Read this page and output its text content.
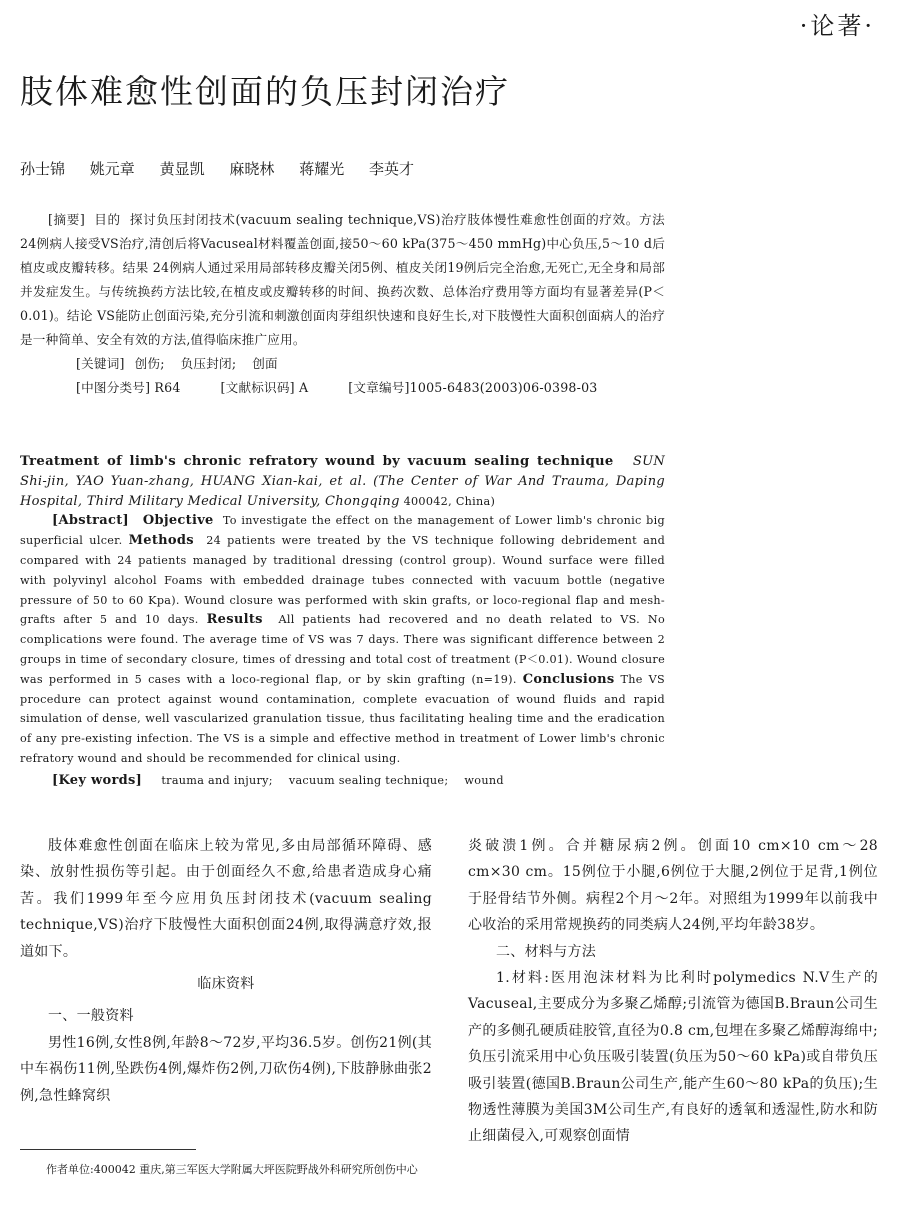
·论著·
肢体难愈性创面的负压封闭治疗
孙士锦 姚元章 黄显凯 麻晓林 蒋耀光 李英才

[摘要] 目的 探讨负压封闭技术(vacuum sealing technique,VS)治疗肢体慢性难愈性创面的疗效。方法 24例病人接受VS治疗,清创后将Vacuseal材料覆盖创面,接50～60 kPa(375～450 mmHg)中心负压,5～10 d后植皮或皮瓣转移。结果 24例病人通过采用局部转移皮瓣关闭5例、植皮关闭19例后完全治愈,无死亡,无全身和局部并发症发生。与传统换药方法比较,在植皮或皮瓣转移的时间、换药次数、总体治疗费用等方面均有显著差异(P＜0.01)。结论 VS能防止创面污染,充分引流和刺激创面肉芽组织快速和良好生长,对下肢慢性大面积创面病人的治疗是一种简单、安全有效的方法,值得临床推广应用。

[关键词] 创伤; 负压封闭; 创面

[中图分类号] R64	[文献标识码] A	[文章编号]1005-6483(2003)06-0398-03

Treatment of limb's chronic refratory wound by vacuum sealing technique SUN Shi-jin, YAO Yuan-zhang, HUANG Xian-kai, et al. (The Center of War And Trauma, Daping Hospital, Third Military Medical University, Chongqing 400042, China)

[Abstract] Objective To investigate the effect on the management of Lower limb's chronic big superficial ulcer. Methods 24 patients were treated by the VS technique following debridement and compared with 24 patients managed by traditional dressing (control group). Wound surface were filled with polyvinyl alcohol Foams with embedded drainage tubes connected with vacuum bottle (negative pressure of 50 to 60 Kpa). Wound closure was performed with skin grafts, or loco-regional flap and mesh-grafts after 5 and 10 days. Results All patients had recovered and no death related to VS. No complications were found. The average time of VS was 7 days. There was significant difference between 2 groups in time of secondary closure, times of dressing and total cost of treatment (P＜0.01). Wound closure was performed in 5 cases with a loco-regional flap, or by skin grafting (n=19). Conclusions The VS procedure can protect against wound contamination, complete evacuation of wound fluids and rapid simulation of dense, well vascularized granulation tissue, thus facilitating healing time and the eradication of any pre-existing infection. The VS is a simple and effective method in treatment of Lower limb's chronic refratory wound and should be recommended for clinical using.

[Key words] trauma and injury; vacuum sealing technique; wound

肢体难愈性创面在临床上较为常见,多由局部循环障碍、感染、放射性损伤等引起。由于创面经久不愈,给患者造成身心痛苦。我们1999年至今应用负压封闭技术(vacuum sealing technique,VS)治疗下肢慢性大面积创面24例,取得满意疗效,报道如下。

临床资料

一、一般资料

男性16例,女性8例,年龄8～72岁,平均36.5岁。创伤21例(其中车祸伤11例,坠跌伤4例,爆炸伤2例,刀砍伤4例),下肢静脉曲张2例,急性蜂窝织

炎破溃1例。合并糖尿病2例。创面10 cm×10 cm～28 cm×30 cm。15例位于小腿,6例位于大腿,2例位于足背,1例位于胫骨结节外侧。病程2个月～2年。对照组为1999年以前我中心收治的采用常规换药的同类病人24例,平均年龄38岁。

二、材料与方法

1.材料:医用泡沫材料为比利时polymedics N.V生产的Vacuseal,主要成分为多聚乙烯醇;引流管为德国B.Braun公司生产的多侧孔硬质硅胶管,直径为0.8 cm,包埋在多聚乙烯醇海绵中;负压引流采用中心负压吸引装置(负压为50～60 kPa)或自带负压吸引装置(德国B.Braun公司生产,能产生60～80 kPa的负压);生物透性薄膜为美国3M公司生产,有良好的透氧和透湿性,防水和防止细菌侵入,可观察创面情

作者单位:400042 重庆,第三军医大学附属大坪医院野战外科研究所创伤中心
